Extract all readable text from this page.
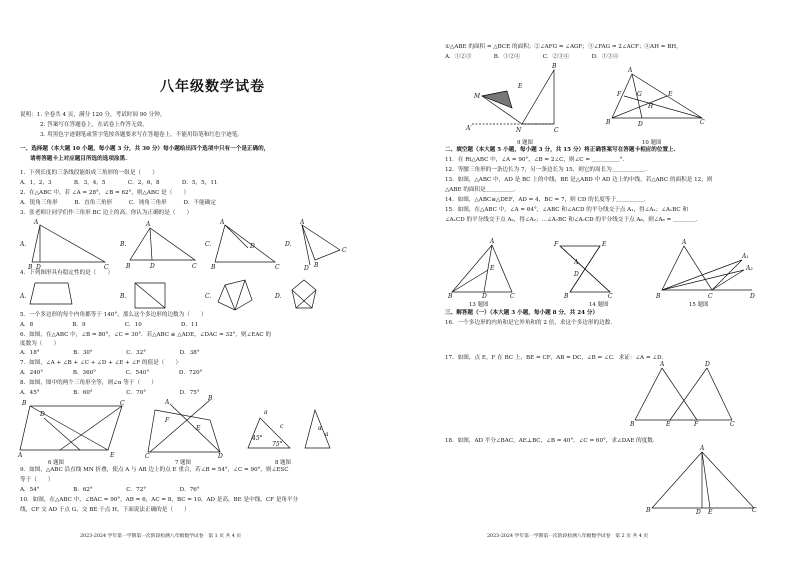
八年级数学试卷
说明：1. 全卷共 4 页，满分 120 分，考试时间 90 分钟。
2. 答案写在答题卷上，在试卷上作答无效。
3. 用黑色字迹钢笔或签字笔按各题要求写在答题卷上，不能用铅笔和红色字迹笔。
一、选择题（本大题 10 小题，每小题 3 分，共 30 分）每小题给出四个选项中只有一个是正确的，
请将答题卡上对应题目所选的选项涂黑.
1．下列长度的三条线段能组成三角形的一组是（　　）
A．1，2，3　　　　B．3，4，5　　　　C．2，6，8　　　　D．5，5，11
2．在△ABC 中，若 ∠A = 28°，∠B = 62°，则△ABC 是（　　）
A．锐角三角形　　　B．直角三角形　　　C．钝角三角形　　　D．不能确定
3．张老师让同学们作三角形 BC 边上的高，你认为正确的是（　　）
A.
A
B D	C
B.
A
B	D	C
C.
A
B	C
D	D.
A
C
D B
4．下列图形具有稳定性的是（　　）
A.	B.	C.	D.
5．一个多边形的每个内角都等于 140°，那么这个多边形的边数为（　　）
A．8　　　　　　　B．9　　　　　　　C．10　　　　　　　D．11
6．如图，在△ABC 中，∠B = 80°，∠C = 30°．若△ABC ≌ △ADE，∠DAC = 32°，则∠EAC 的
度数为（　　）
A．18°　　　　　　B．30°　　　　　　C．32°　　　　　　D．38°
7．如图，∠A + ∠B + ∠C + ∠D + ∠E + ∠F 的值是（　　）
A．240°　　　　　 B．360°　　　　　 C．540°　　　　　 D．720°
8．如图，图中的两个三角形全等，则∠α 等于（　　）
A．45°　　　　　　B．60°　　　　　　C．70°　　　　　　D．75°
B	C
D
A	E
A
B
F
E
C	D
45°
75°
a
c	α
a
6 题图	7 题图	8 题图
9．如图，△ABC 沿直线 MN 折叠，使点 A 与 AB 边上的点 E 重合，若∠B = 54°，∠C = 90°，则∠ESC
等于（　　）
A．54°　　　　　　B．62°　　　　　　C．72°　　　　　　D．76°
10．如图，在△ABC 中，∠BAC = 90°，AB = 6，AC = 8，BC = 10，AD 是高，BE 是中线，CF 是角平分
线，CF 交 AD 于点 G，交 BE 于点 H，下面说法正确的是（　　）
2023-2024 学年第一学期第一次阶段检测八年级数学试卷　第 1 页 共 4 页
①△ABE 的面积 = △BCE 的面积；②∠AFG = ∠AGF；③∠FAG = 2∠ACF；④AH = BH。
A．①②③　　　　B．①②④　　　　C．②③④　　　　D．①③④
B
E
M
A′	N	C
A
F	G	E
H
B	D	C
9 题图	10 题图
二、填空题（本大题 5 小题，每小题 3 分，共 15 分）将正确答案写在答题卡相应的位置上.
11．在 Rt△ABC 中，∠A = 90°，∠B = 2∠C，则∠C = ＿＿＿＿＿°．
12．等腰三角形的一条边长为 7，另一条边长为 15，则它的周长为＿＿＿＿＿＿．
13．如图，△ABC 中，AD 是 BC 上的中线，BE 是△ABD 中 AD 边上的中线，若△ABC 的面积是 12，则
△ABE 的面积是＿＿＿＿＿．
14．如图，△ABC≌△DEF，AD = 4，BC = 7，则 CD 的长度等于＿＿＿＿＿．
15．如图，在△ABC 中，∠A = 64°，∠ABC 和∠ACD 的平分线交于点 A₁，得∠A₁；∠A₁BC 和
∠A₁CD 的平分线交于点 A₂，得∠A₂；…∠A₇BC 和∠A₇CD 的平分线交于点 A₈，则∠A₈ = ＿＿＿＿．
A
E
B	D	C
F	E
A
D
B	C
A
A₁
A₂
B	C	D
13 题图	14 题图	15 题图
三、解答题（一）（本大题 3 小题，每小题 8 分，共 24 分）
16．一个多边形的内角和是它外角和的 2 倍，求这个多边形的边数．
17．如图，点 E，F 在 BC 上，BE = CF，AB = DC，∠B = ∠C．求证：∠A = ∠D．
A	D
B	E	F	C
18．如图，AD 平分∠BAC，AE⊥BC，∠B = 40°，∠C = 60°，求∠DAE 的度数．
A
B	D E	C
2023-2024 学年第一学期第一次阶段检测八年级数学试卷　第 2 页 共 4 页
